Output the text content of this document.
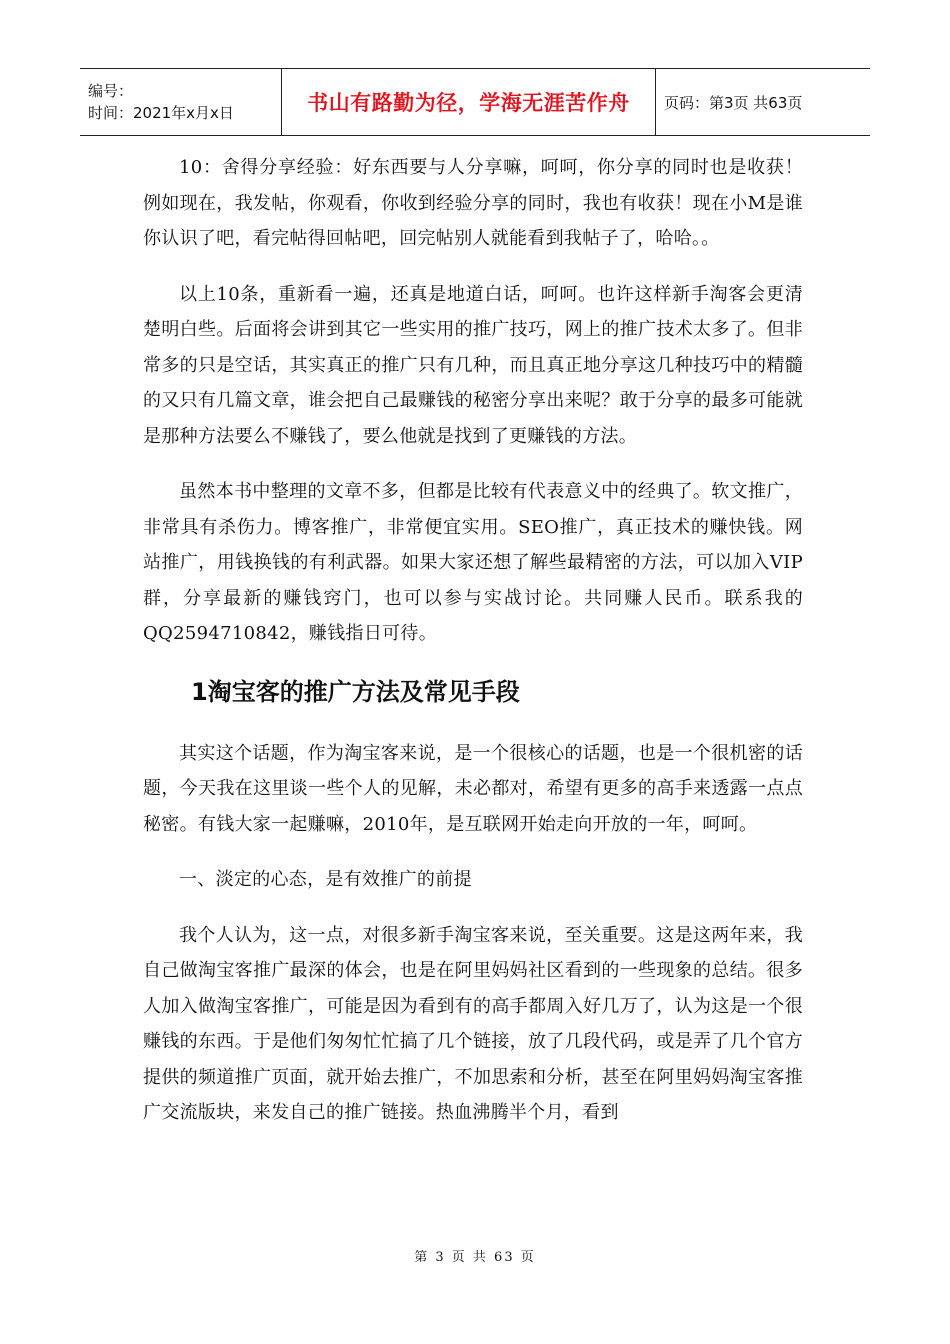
编号：
时间：2021年x月x日	书山有路勤为径，学海无涯苦作舟 页码：第3页 共63页

10：舍得分享经验：好东西要与人分享嘛，呵呵，你分享的同时也是收获！例如现在，我发帖，你观看，你收到经验分享的同时，我也有收获！现在小M是谁你认识了吧，看完帖得回帖吧，回完帖别人就能看到我帖子了，哈哈。。

以上10条，重新看一遍，还真是地道白话，呵呵。也许这样新手淘客会更清楚明白些。后面将会讲到其它一些实用的推广技巧，网上的推广技术太多了。但非常多的只是空话，其实真正的推广只有几种，而且真正地分享这几种技巧中的精髓的又只有几篇文章，谁会把自己最赚钱的秘密分享出来呢？敢于分享的最多可能就是那种方法要么不赚钱了，要么他就是找到了更赚钱的方法。

虽然本书中整理的文章不多，但都是比较有代表意义中的经典了。软文推广，非常具有杀伤力。博客推广，非常便宜实用。SEO推广，真正技术的赚快钱。网站推广，用钱换钱的有利武器。如果大家还想了解些最精密的方法，可以加入VIP群，分享最新的赚钱窍门，也可以参与实战讨论。共同赚人民币。联系我的QQ2594710842，赚钱指日可待。

1淘宝客的推广方法及常见手段

其实这个话题，作为淘宝客来说，是一个很核心的话题，也是一个很机密的话题，今天我在这里谈一些个人的见解，未必都对，希望有更多的高手来透露一点点秘密。有钱大家一起赚嘛，2010年，是互联网开始走向开放的一年，呵呵。

一、淡定的心态，是有效推广的前提

我个人认为，这一点，对很多新手淘宝客来说，至关重要。这是这两年来，我自己做淘宝客推广最深的体会，也是在阿里妈妈社区看到的一些现象的总结。很多人加入做淘宝客推广，可能是因为看到有的高手都周入好几万了，认为这是一个很赚钱的东西。于是他们匆匆忙忙搞了几个链接，放了几段代码，或是弄了几个官方提供的频道推广页面，就开始去推广，不加思索和分析，甚至在阿里妈妈淘宝客推广交流版块，来发自己的推广链接。热血沸腾半个月，看到

第 3 页 共 63 页
